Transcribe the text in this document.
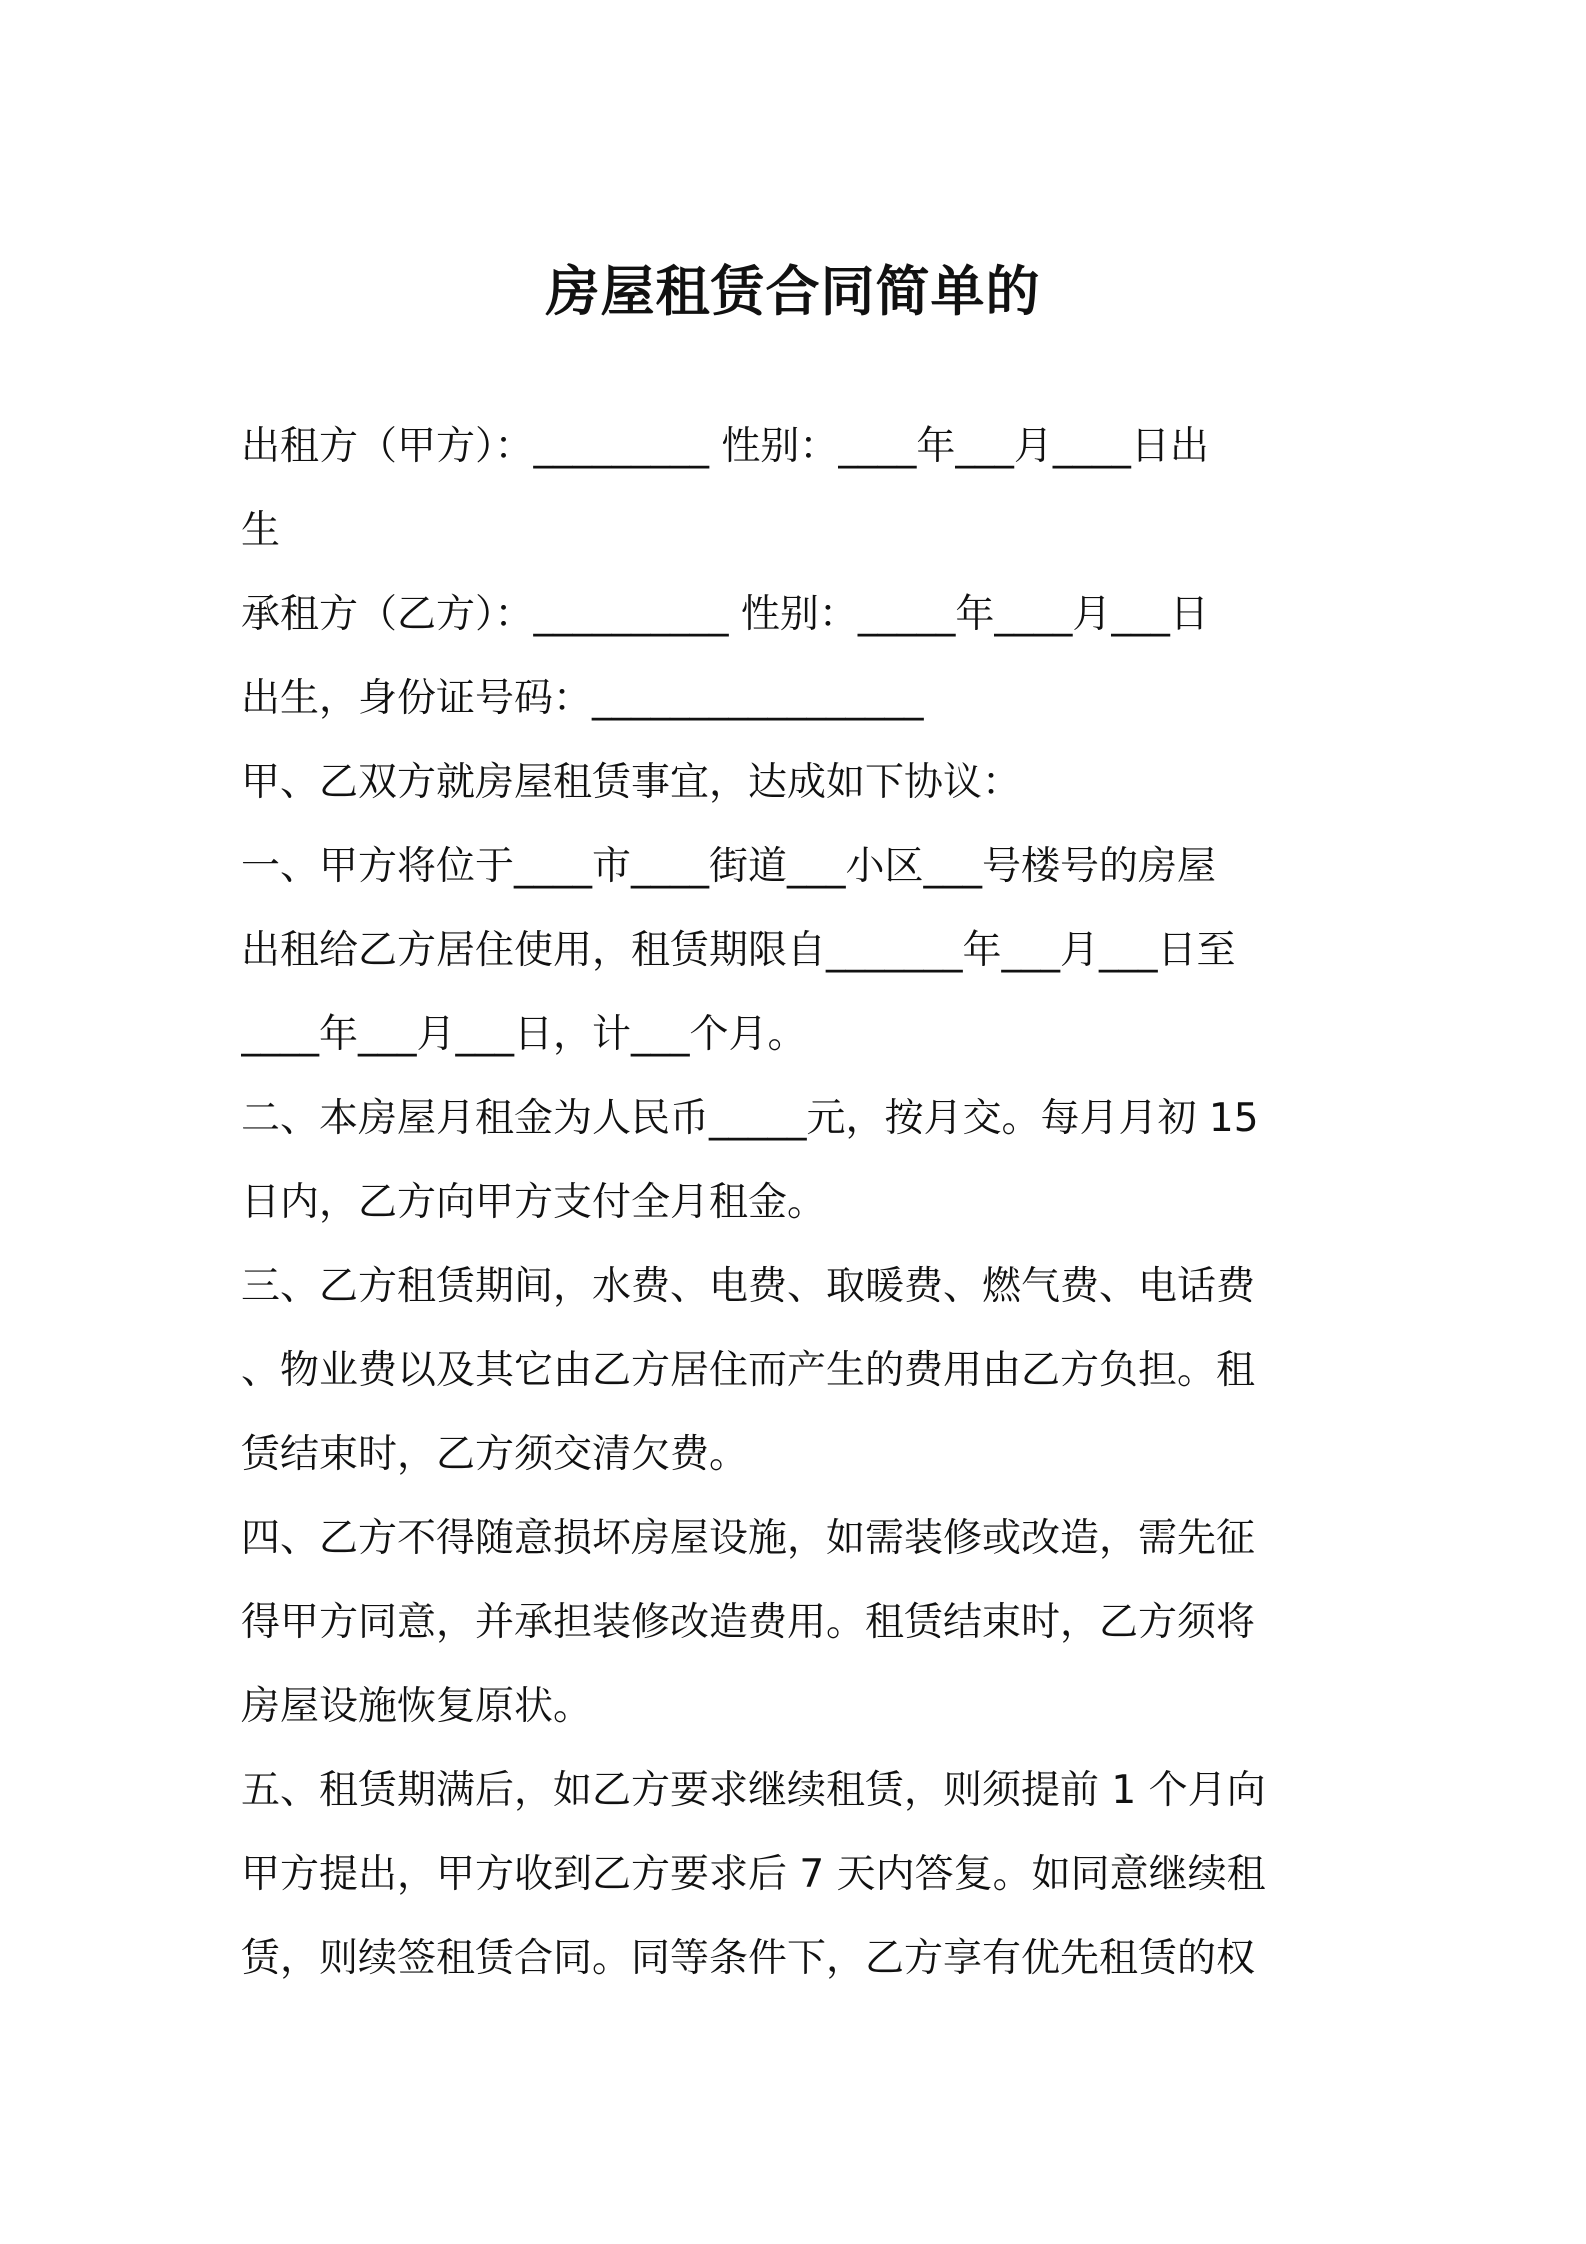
房屋租赁合同简单的
出租方（甲方）：_________ 性别：____年___月____日出
生
承租方（乙方）：__________ 性别：_____年____月___日
出生，身份证号码：_________________
甲、乙双方就房屋租赁事宜，达成如下协议：
一、甲方将位于____市____街道___小区___号楼号的房屋
出租给乙方居住使用，租赁期限自_______年___月___日至
____年___月___日，计___个月。
二、本房屋月租金为人民币_____元，按月交。每月月初 15
日内，乙方向甲方支付全月租金。
三、乙方租赁期间，水费、电费、取暖费、燃气费、电话费
、物业费以及其它由乙方居住而产生的费用由乙方负担。租
赁结束时，乙方须交清欠费。
四、乙方不得随意损坏房屋设施，如需装修或改造，需先征
得甲方同意，并承担装修改造费用。租赁结束时，乙方须将
房屋设施恢复原状。
五、租赁期满后，如乙方要求继续租赁，则须提前 1 个月向
甲方提出，甲方收到乙方要求后 7 天内答复。如同意继续租
赁，则续签租赁合同。同等条件下，乙方享有优先租赁的权
